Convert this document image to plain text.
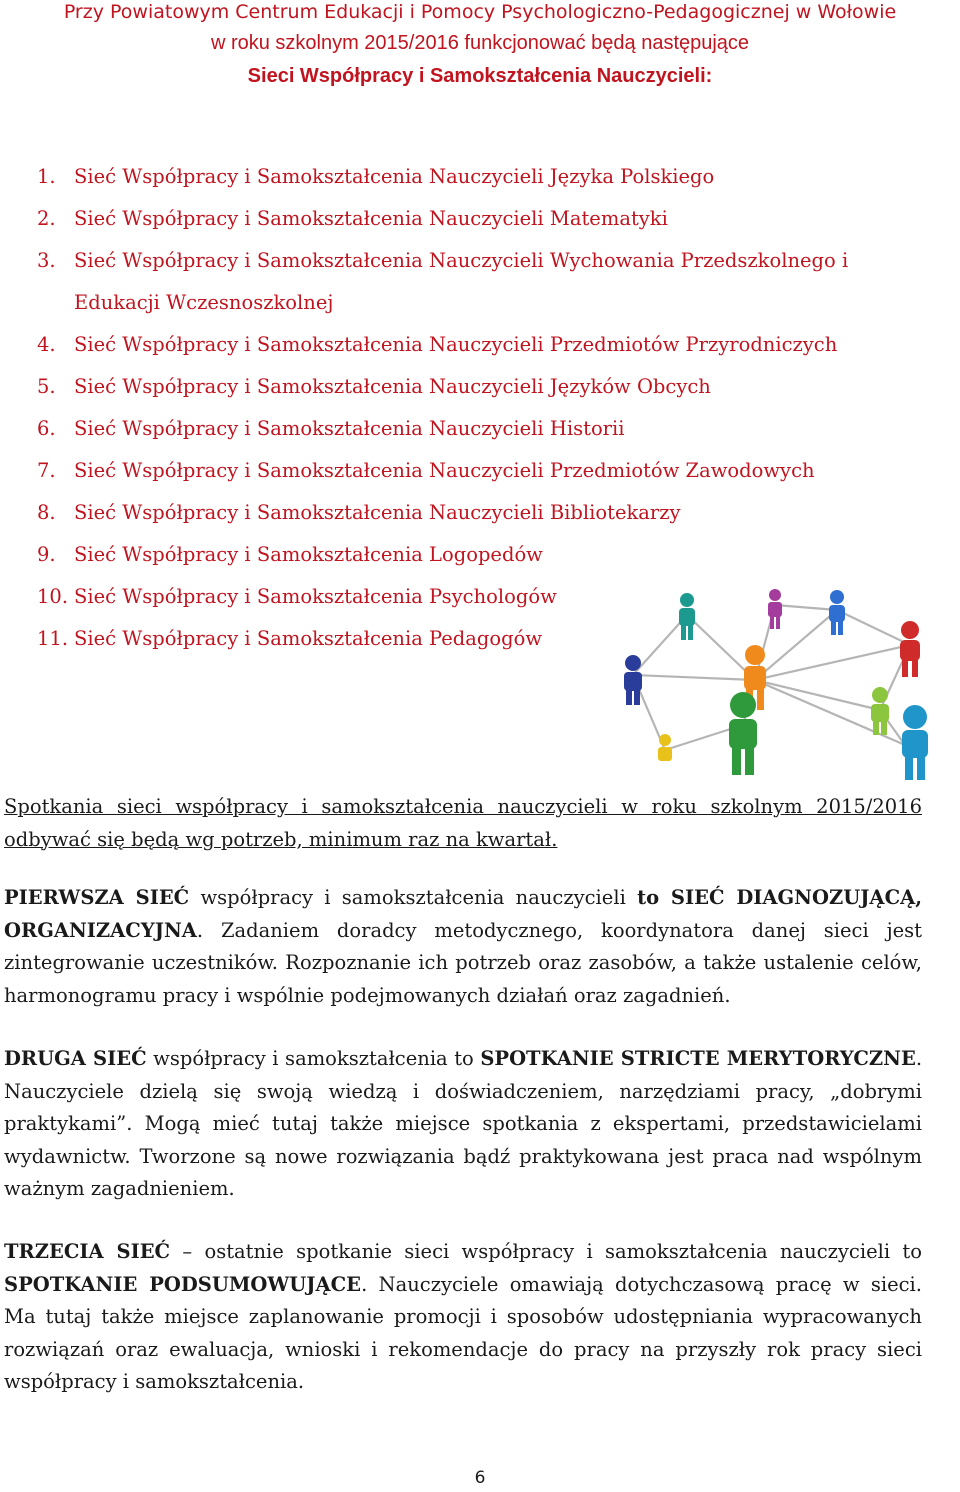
Przy Powiatowym Centrum Edukacji i Pomocy Psychologiczno-Pedagogicznej w Wołowie
w roku szkolnym 2015/2016 funkcjonować będą następujące
Sieci Współpracy i Samokształcenia Nauczycieli:
1. Sieć Współpracy i Samokształcenia Nauczycieli Języka Polskiego
2. Sieć Współpracy i Samokształcenia Nauczycieli Matematyki
3. Sieć Współpracy i Samokształcenia Nauczycieli Wychowania Przedszkolnego i Edukacji Wczesnoszkolnej
4. Sieć Współpracy i Samokształcenia Nauczycieli Przedmiotów Przyrodniczych
5. Sieć Współpracy i Samokształcenia Nauczycieli Języków Obcych
6. Sieć Współpracy i Samokształcenia Nauczycieli Historii
7. Sieć Współpracy i Samokształcenia Nauczycieli Przedmiotów Zawodowych
8. Sieć Współpracy i Samokształcenia Nauczycieli Bibliotekarzy
9. Sieć Współpracy i Samokształcenia Logopedów
10. Sieć Współpracy i Samokształcenia Psychologów
11. Sieć Współpracy i Samokształcenia Pedagogów

Spotkania sieci współpracy i samokształcenia nauczycieli w roku szkolnym 2015/2016 odbywać się będą wg potrzeb, minimum raz na kwartał.

PIERWSZA SIEĆ współpracy i samokształcenia nauczycieli to SIEĆ DIAGNOZUJĄCĄ, ORGANIZACYJNA. Zadaniem doradcy metodycznego, koordynatora danej sieci jest zintegrowanie uczestników. Rozpoznanie ich potrzeb oraz zasobów, a także ustalenie celów, harmonogramu pracy i wspólnie podejmowanych działań oraz zagadnień.

DRUGA SIEĆ współpracy i samokształcenia to SPOTKANIE STRICTE MERYTORYCZNE. Nauczyciele dzielą się swoją wiedzą i doświadczeniem, narzędziami pracy, „dobrymi praktykami”. Mogą mieć tutaj także miejsce spotkania z ekspertami, przedstawicielami wydawnictw. Tworzone są nowe rozwiązania bądź praktykowana jest praca nad wspólnym ważnym zagadnieniem.

TRZECIA SIEĆ – ostatnie spotkanie sieci współpracy i samokształcenia nauczycieli to SPOTKANIE PODSUMOWUJĄCE. Nauczyciele omawiają dotychczasową pracę w sieci. Ma tutaj także miejsce zaplanowanie promocji i sposobów udostępniania wypracowanych rozwiązań oraz ewaluacja, wnioski i rekomendacje do pracy na przyszły rok pracy sieci współpracy i samokształcenia.

6
